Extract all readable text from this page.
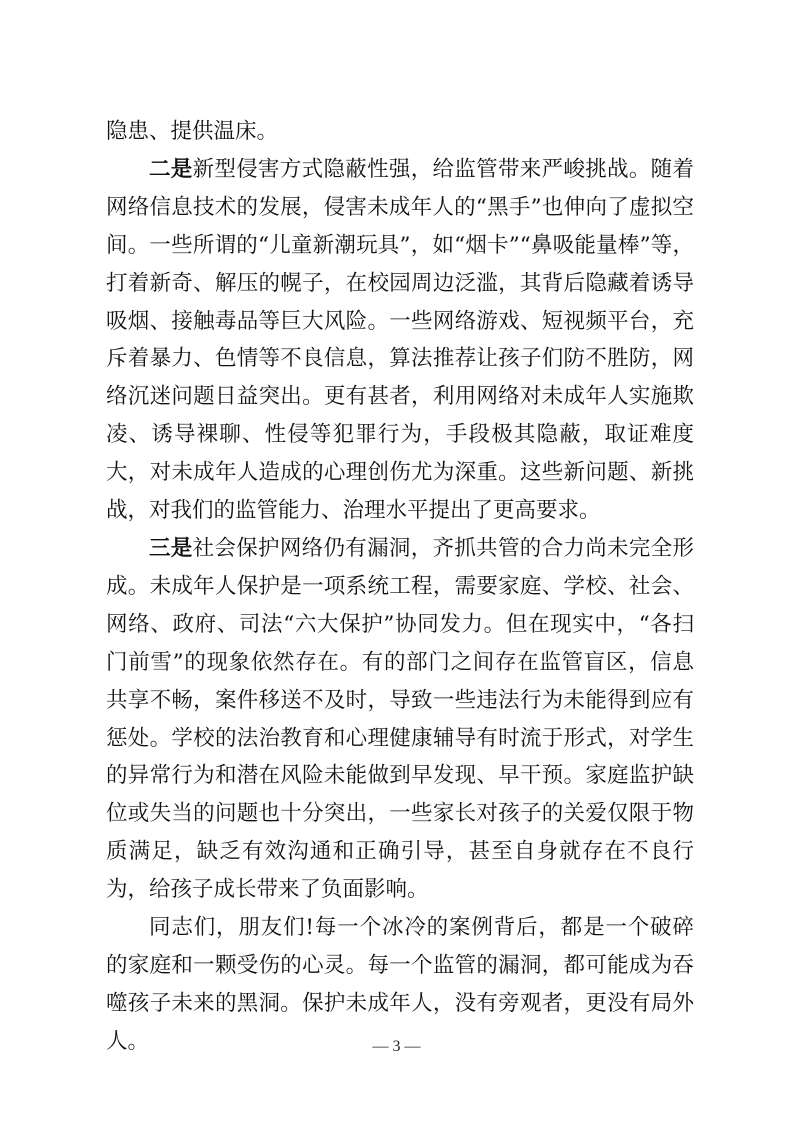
隐患、提供温床。

二是新型侵害方式隐蔽性强，给监管带来严峻挑战。随着网络信息技术的发展，侵害未成年人的“黑手”也伸向了虚拟空间。一些所谓的“儿童新潮玩具”，如“烟卡”“鼻吸能量棒”等，打着新奇、解压的幌子，在校园周边泛滥，其背后隐藏着诱导吸烟、接触毒品等巨大风险。一些网络游戏、短视频平台，充斥着暴力、色情等不良信息，算法推荐让孩子们防不胜防，网络沉迷问题日益突出。更有甚者，利用网络对未成年人实施欺凌、诱导裸聊、性侵等犯罪行为，手段极其隐蔽，取证难度大，对未成年人造成的心理创伤尤为深重。这些新问题、新挑战，对我们的监管能力、治理水平提出了更高要求。

三是社会保护网络仍有漏洞，齐抓共管的合力尚未完全形成。未成年人保护是一项系统工程，需要家庭、学校、社会、网络、政府、司法“六大保护”协同发力。但在现实中，“各扫门前雪”的现象依然存在。有的部门之间存在监管盲区，信息共享不畅，案件移送不及时，导致一些违法行为未能得到应有惩处。学校的法治教育和心理健康辅导有时流于形式，对学生的异常行为和潜在风险未能做到早发现、早干预。家庭监护缺位或失当的问题也十分突出，一些家长对孩子的关爱仅限于物质满足，缺乏有效沟通和正确引导，甚至自身就存在不良行为，给孩子成长带来了负面影响。

同志们，朋友们!每一个冰冷的案例背后，都是一个破碎的家庭和一颗受伤的心灵。每一个监管的漏洞，都可能成为吞噬孩子未来的黑洞。保护未成年人，没有旁观者，更没有局外人。	— 3 —
